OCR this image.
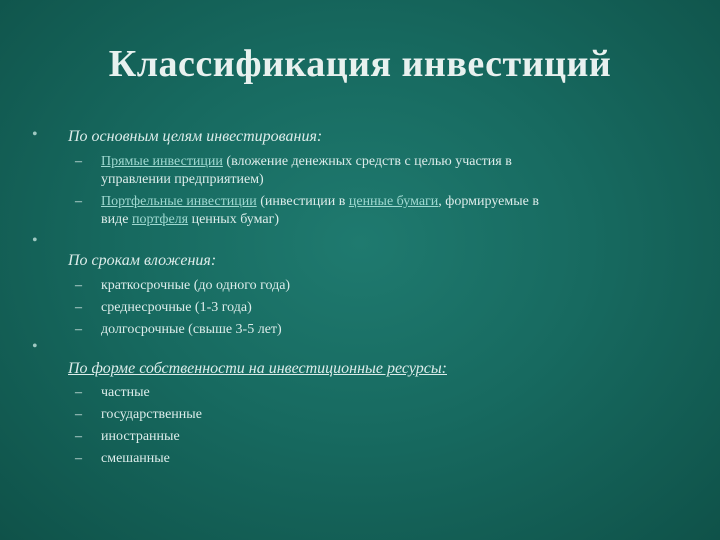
Классификация инвестиций
• По основным целям инвестирования:
– Прямые инвестиции (вложение денежных средств с целью участия в
управлении предприятием)
– Портфельные инвестиции (инвестиции в ценные бумаги, формируемые в
виде портфеля ценных бумаг)
•
По срокам вложения:
– краткосрочные (до одного года)
– среднесрочные (1-3 года)
– долгосрочные (свыше 3-5 лет)
•
По форме собственности на инвестиционные ресурсы:
– частные
– государственные
– иностранные
– смешанные
